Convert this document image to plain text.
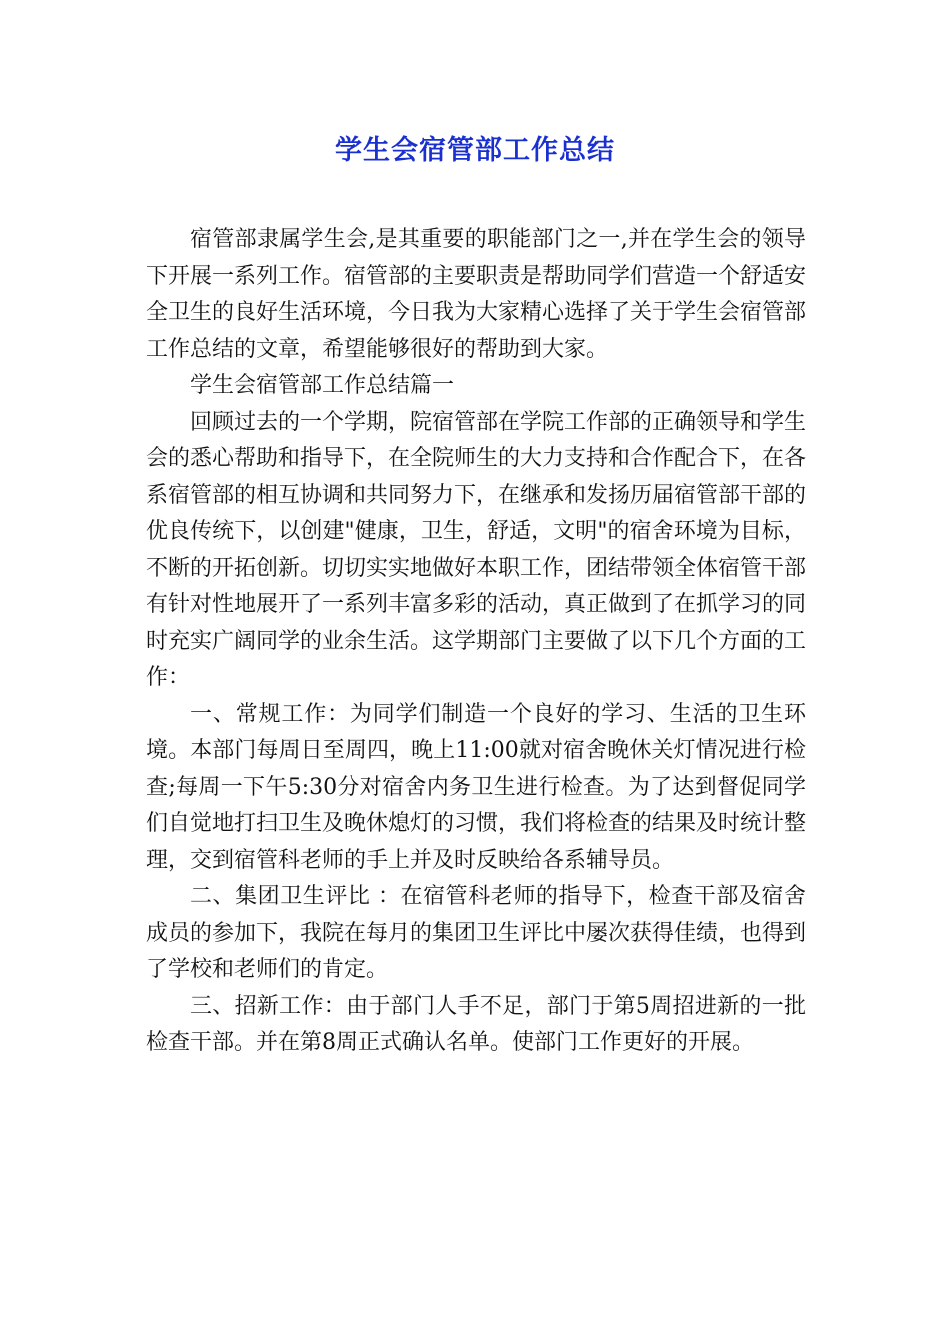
学生会宿管部工作总结

宿管部隶属学生会,是其重要的职能部门之一,并在学生会的领导下开展一系列工作。宿管部的主要职责是帮助同学们营造一个舒适安全卫生的良好生活环境，今日我为大家精心选择了关于学生会宿管部工作总结的文章，希望能够很好的帮助到大家。

学生会宿管部工作总结篇一

回顾过去的一个学期，院宿管部在学院工作部的正确领导和学生会的悉心帮助和指导下，在全院师生的大力支持和合作配合下，在各系宿管部的相互协调和共同努力下，在继承和发扬历届宿管部干部的优良传统下，以创建"健康，卫生，舒适，文明"的宿舍环境为目标，不断的开拓创新。切切实实地做好本职工作，团结带领全体宿管干部有针对性地展开了一系列丰富多彩的活动，真正做到了在抓学习的同时充实广阔同学的业余生活。这学期部门主要做了以下几个方面的工作：

一、常规工作：为同学们制造一个良好的学习、生活的卫生环境。本部门每周日至周四，晚上11:00就对宿舍晚休关灯情况进行检查;每周一下午5:30分对宿舍内务卫生进行检查。为了达到督促同学们自觉地打扫卫生及晚休熄灯的习惯，我们将检查的结果及时统计整理，交到宿管科老师的手上并及时反映给各系辅导员。

二、集团卫生评比 ：在宿管科老师的指导下，检查干部及宿舍成员的参加下，我院在每月的集团卫生评比中屡次获得佳绩，也得到了学校和老师们的肯定。

三、招新工作：由于部门人手不足，部门于第5周招进新的一批检查干部。并在第8周正式确认名单。使部门工作更好的开展。
